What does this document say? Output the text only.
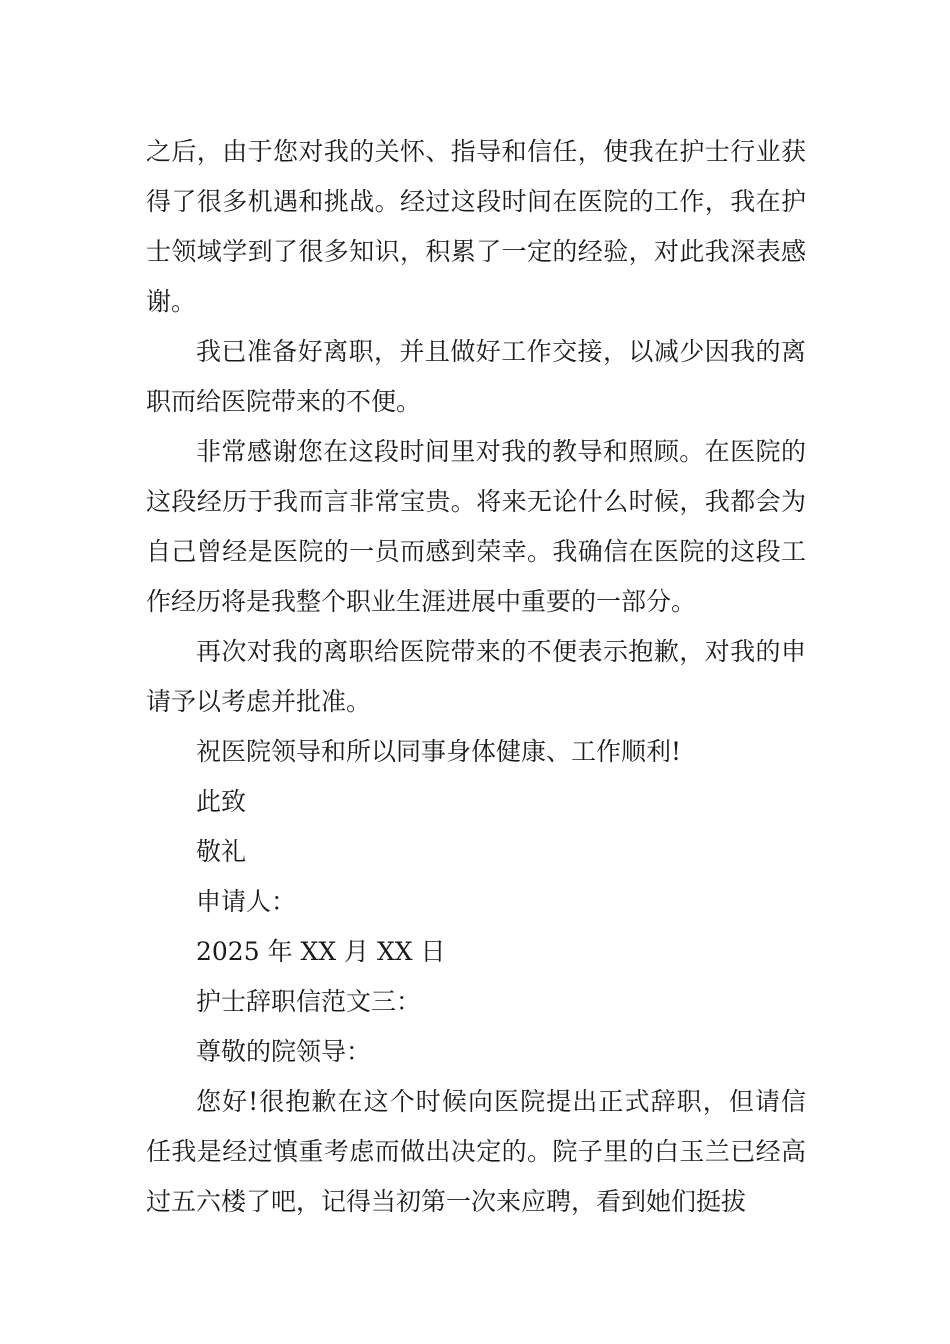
之后，由于您对我的关怀、指导和信任，使我在护士行业获得了很多机遇和挑战。经过这段时间在医院的工作，我在护士领域学到了很多知识，积累了一定的经验，对此我深表感谢。

我已准备好离职，并且做好工作交接，以减少因我的离职而给医院带来的不便。

非常感谢您在这段时间里对我的教导和照顾。在医院的这段经历于我而言非常宝贵。将来无论什么时候，我都会为自己曾经是医院的一员而感到荣幸。我确信在医院的这段工作经历将是我整个职业生涯进展中重要的一部分。

再次对我的离职给医院带来的不便表示抱歉，对我的申请予以考虑并批准。

祝医院领导和所以同事身体健康、工作顺利!

此致

敬礼

申请人：

2025 年 XX 月 XX 日

护士辞职信范文三：

尊敬的院领导：

您好!很抱歉在这个时候向医院提出正式辞职，但请信任我是经过慎重考虑而做出决定的。院子里的白玉兰已经高过五六楼了吧，记得当初第一次来应聘，看到她们挺拔
